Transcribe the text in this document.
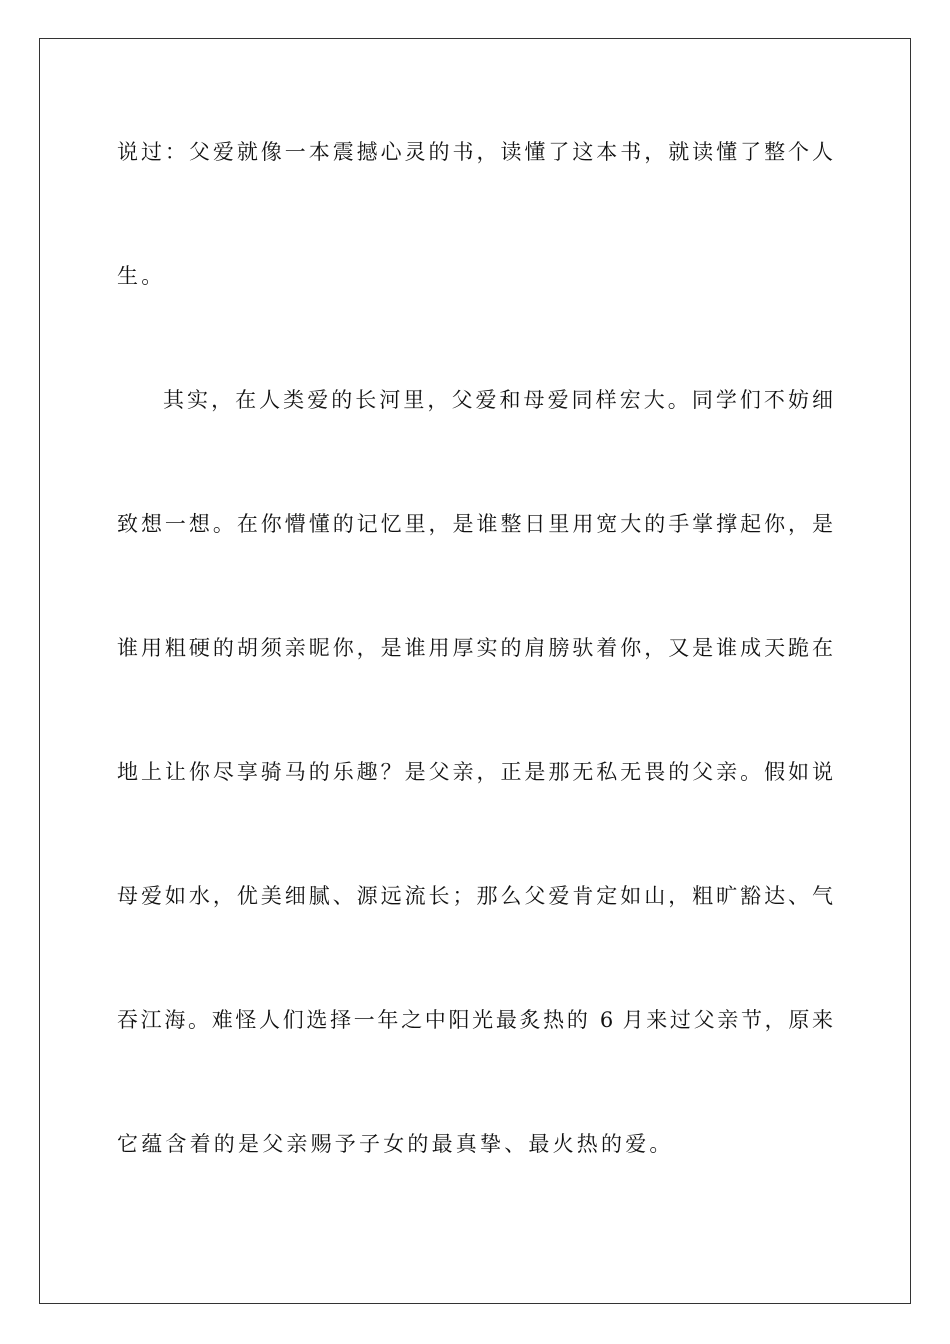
说过：父爱就像一本震撼心灵的书，读懂了这本书，就读懂了整个人
生。
其实，在人类爱的长河里，父爱和母爱同样宏大。同学们不妨细
致想一想。在你懵懂的记忆里，是谁整日里用宽大的手掌撑起你，是
谁用粗硬的胡须亲昵你，是谁用厚实的肩膀驮着你，又是谁成天跪在
地上让你尽享骑马的乐趣？是父亲，正是那无私无畏的父亲。假如说
母爱如水，优美细腻、源远流长；那么父爱肯定如山，粗旷豁达、气
吞江海。难怪人们选择一年之中阳光最炙热的 6 月来过父亲节，原来
它蕴含着的是父亲赐予子女的最真挚、最火热的爱。
